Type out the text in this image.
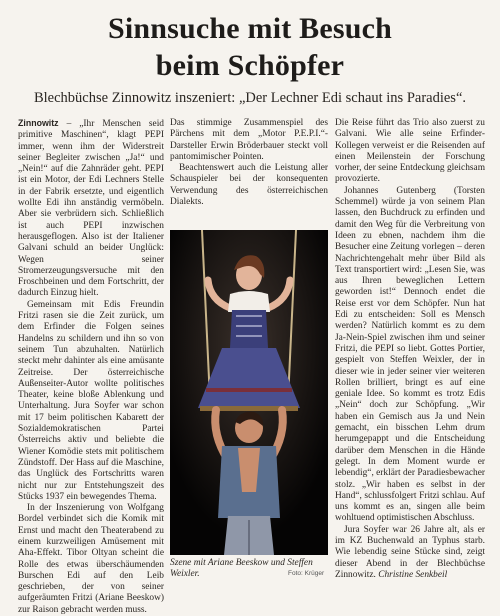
Sinnsuche mit Besuch
beim Schöpfer
Blechbüchse Zinnowitz inszeniert: „Der Lechner Edi schaut ins Paradies“.

Zinnowitz – „Ihr Menschen seid primitive Maschinen“, klagt PEPI immer, wenn ihm der Widerstreit seiner Begleiter zwischen „Ja!“ und „Nein!“ auf die Zahnräder geht. PEPI ist ein Motor, der Edi Lechners Stelle in der Fabrik ersetzte, und eigentlich wollte Edi ihn anständig vermöbeln. Aber sie verbrüdern sich. Schließlich ist auch PEPI inzwischen herausgeflogen. Also ist der Italiener Galvani schuld an beider Unglück: Wegen seiner Stromerzeugungsversuche mit den Froschbeinen und dem Fortschritt, der dadurch Einzug hielt.

Gemeinsam mit Edis Freundin Fritzi rasen sie die Zeit zurück, um dem Erfinder die Folgen seines Handelns zu schildern und ihn so von seinem Tun abzuhalten. Natürlich steckt mehr dahinter als eine amüsante Zeitreise. Der österreichische Außenseiter-Autor wollte politisches Theater, keine bloße Ablenkung und Unterhaltung. Jura Soyfer war schon mit 17 beim politischen Kabarett der Sozialdemokratischen Partei Österreichs aktiv und beliebte die Wiener Komödie stets mit politischem Zündstoff. Der Hass auf die Maschine, das Unglück des Fortschritts waren nicht nur zur Entstehungszeit des Stücks 1937 ein bewegendes Thema.

In der Inszenierung von Wolfgang Bordel verbindet sich die Komik mit Ernst und macht den Theaterabend zu einem kurzweiligen Amüsement mit Aha-Effekt. Tibor Oltyan scheint die Rolle des etwas überschäumenden Burschen Edi auf den Leib geschrieben, der von seiner aufgeräumten Fritzi (Ariane Beeskow) zur Raison gebracht werden muss.

Das stimmige Zusammenspiel des Pärchens mit dem „Motor P.E.P.I.“-Darsteller Erwin Bröderbauer steckt voll pantomimischer Pointen.

Beachtenswert auch die Leistung aller Schauspieler bei der konsequenten Verwendung des österreichischen Dialekts.

Szene mit Ariane Beeskow und Steffen Weixler.	Foto: Krüger

Die Reise führt das Trio also zuerst zu Galvani. Wie alle seine Erfinder-Kollegen verweist er die Reisenden auf einen Meilenstein der Forschung vorher, der seine Entdeckung gleichsam provozierte.

Johannes Gutenberg (Torsten Schemmel) würde ja von seinem Plan lassen, den Buchdruck zu erfinden und damit den Weg für die Verbreitung von Ideen zu ebnen, nachdem ihm die Besucher eine Zeitung vorlegen – deren Nachrichtengehalt mehr über Bild als Text transportiert wird: „Lesen Sie, was aus Ihren beweglichen Lettern geworden ist!“ Dennoch endet die Reise erst vor dem Schöpfer. Nun hat Edi zu entscheiden: Soll es Mensch werden? Natürlich kommt es zu dem Ja-Nein-Spiel zwischen ihm und seiner Fritzi, die PEPI so liebt. Gottes Portier, gespielt von Steffen Weixler, der in dieser wie in jeder seiner vier weiteren Rollen brilliert, bringt es auf eine geniale Idee. So kommt es trotz Edis „Nein“ doch zur Schöpfung. „Wir haben ein Gemisch aus Ja und Nein gemacht, ein bisschen Lehm drum herumgepappt und die Entscheidung darüber dem Menschen in die Hände gelegt. In dem Moment wurde er lebendig“, erklärt der Paradiesbewacher stolz. „Wir haben es selbst in der Hand“, schlussfolgert Fritzi schlau. Auf uns kommt es an, singen alle beim wohltuend optimistischen Abschluss.

Jura Soyfer war 26 Jahre alt, als er im KZ Buchenwald an Typhus starb. Wie lebendig seine Stücke sind, zeigt dieser Abend in der Blechbüchse Zinnowitz. Christine Senkbeil
